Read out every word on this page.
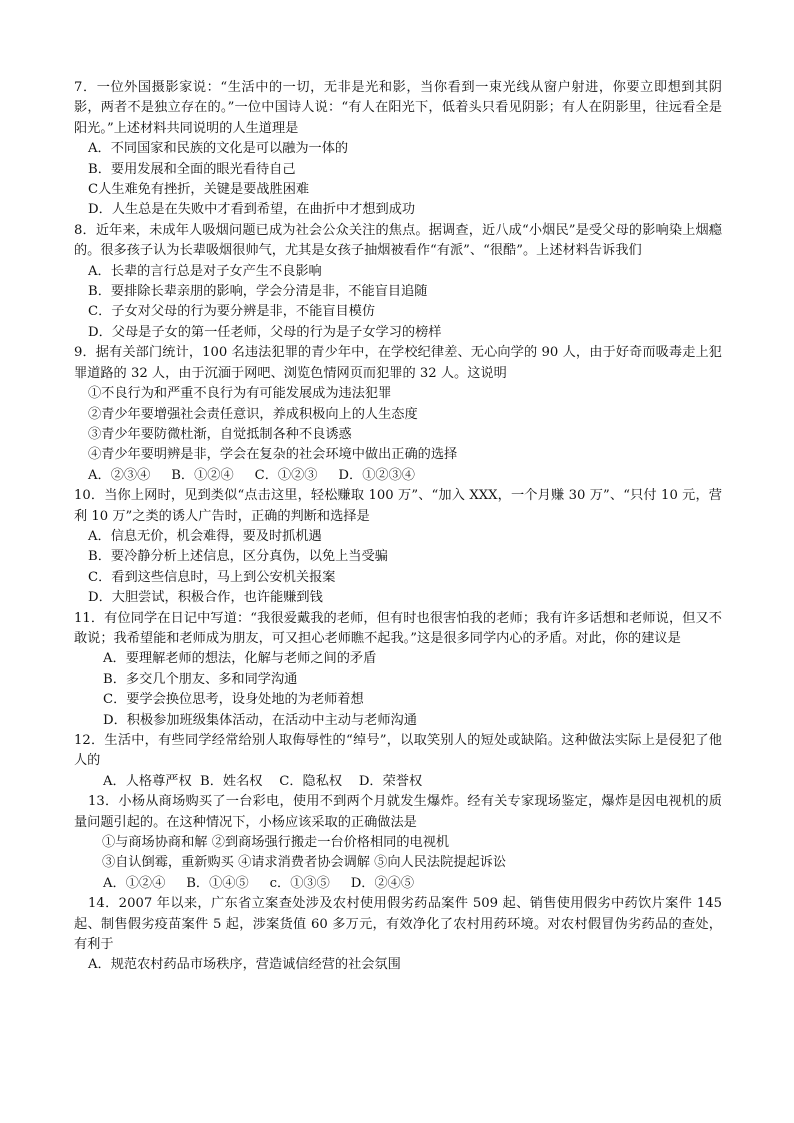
7．一位外国摄影家说：“生活中的一切，无非是光和影，当你看到一束光线从窗户射进，你要立即想到其阴影，两者不是独立存在的。”一位中国诗人说：“有人在阳光下，低着头只看见阴影；有人在阴影里，往远看全是阳光。”上述材料共同说明的人生道理是

A．不同国家和民族的文化是可以融为一体的

B．要用发展和全面的眼光看待自己

C人生难免有挫折，关键是要战胜困难

D．人生总是在失败中才看到希望，在曲折中才想到成功

8．近年来，未成年人吸烟问题已成为社会公众关注的焦点。据调查，近八成“小烟民”是受父母的影响染上烟瘾的。很多孩子认为长辈吸烟很帅气，尤其是女孩子抽烟被看作“有派”、“很酷”。上述材料告诉我们

A．长辈的言行总是对子女产生不良影响

B．要排除长辈亲朋的影响，学会分清是非，不能盲目追随

C．子女对父母的行为要分辨是非，不能盲目模仿

D．父母是子女的第一任老师，父母的行为是子女学习的榜样

9．据有关部门统计，100 名违法犯罪的青少年中，在学校纪律差、无心向学的 90 人，由于好奇而吸毒走上犯罪道路的 32 人，由于沉湎于网吧、浏览色情网页而犯罪的 32 人。这说明

①不良行为和严重不良行为有可能发展成为违法犯罪

②青少年要增强社会责任意识，养成积极向上的人生态度

③青少年要防微杜渐，自觉抵制各种不良诱惑

④青少年要明辨是非，学会在复杂的社会环境中做出正确的选择

A．②③④     B．①②④     C．①②③     D．①②③④

10．当你上网时，见到类似“点击这里，轻松赚取 100 万”、“加入 XXX，一个月赚 30 万”、“只付 10 元，营利 10 万”之类的诱人广告时，正确的判断和选择是

A．信息无价，机会难得，要及时抓机遇

B．要冷静分析上述信息，区分真伪，以免上当受骗

C．看到这些信息时，马上到公安机关报案

D．大胆尝试，积极合作，也许能赚到钱

11．有位同学在日记中写道：“我很爱戴我的老师，但有时也很害怕我的老师；我有许多话想和老师说，但又不敢说；我希望能和老师成为朋友，可又担心老师瞧不起我。”这是很多同学内心的矛盾。对此，你的建议是

A．要理解老师的想法，化解与老师之间的矛盾

B．多交几个朋友、多和同学沟通

C．要学会换位思考，设身处地的为老师着想

D．积极参加班级集体活动，在活动中主动与老师沟通

12．生活中，有些同学经常给别人取侮辱性的“绰号”，以取笑别人的短处或缺陷。这种做法实际上是侵犯了他人的

A．人格尊严权  B．姓名权    C．隐私权    D．荣誉权

13．小杨从商场购买了一台彩电，使用不到两个月就发生爆炸。经有关专家现场鉴定，爆炸是因电视机的质量问题引起的。在这种情况下，小杨应该采取的正确做法是

①与商场协商和解 ②到商场强行搬走一台价格相同的电视机

③自认倒霉，重新购买 ④请求消费者协会调解 ⑤向人民法院提起诉讼

A．①②④     B．①④⑤     c．①③⑤     D．②④⑤

14．2007 年以来，广东省立案查处涉及农村使用假劣药品案件 509 起、销售使用假劣中药饮片案件 145 起、制售假劣疫苗案件 5 起，涉案货值 60 多万元，有效净化了农村用药环境。对农村假冒伪劣药品的查处，有利于

A．规范农村药品市场秩序，营造诚信经营的社会氛围
